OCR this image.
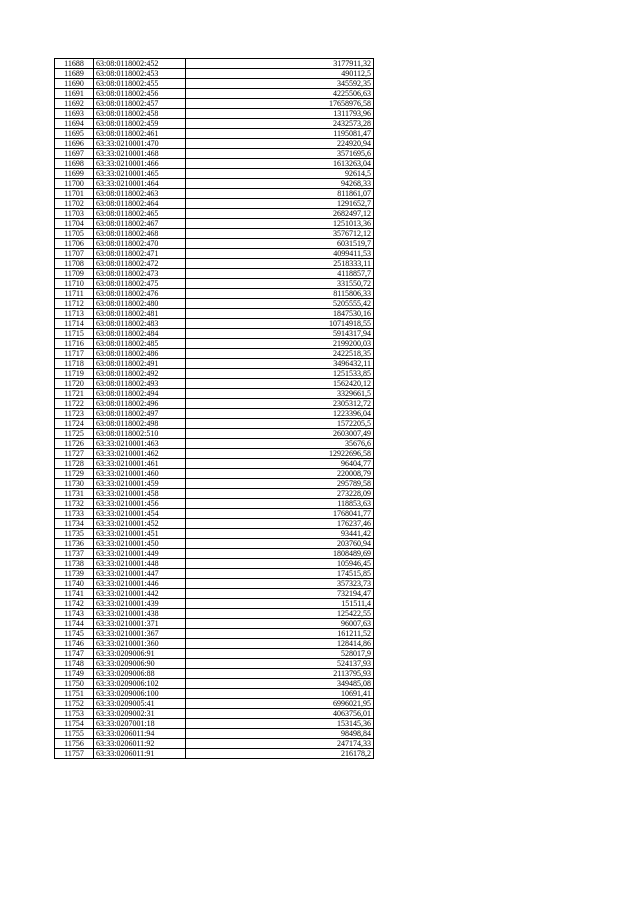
11688	63:08:0118002:452	3177911,32
11689	63:08:0118002:453	490112,5
11690	63:08:0118002:455	345592,35
11691	63:08:0118002:456	4225506,63
11692	63:08:0118002:457	17658976,58
11693	63:08:0118002:458	1311793,96
11694	63:08:0118002:459	2432573,28
11695	63:08:0118002:461	1195081,47
11696	63:33:0210001:470	224920,94
11697	63:33:0210001:468	3571695,6
11698	63:33:0210001:466	1613263,04
11699	63:33:0210001:465	92614,5
11700	63:33:0210001:464	94268,33
11701	63:08:0118002:463	811861,07
11702	63:08:0118002:464	1291652,7
11703	63:08:0118002:465	2682497,12
11704	63:08:0118002:467	1251013,36
11705	63:08:0118002:468	3576712,12
11706	63:08:0118002:470	6031519,7
11707	63:08:0118002:471	4099411,53
11708	63:08:0118002:472	2518333,11
11709	63:08:0118002:473	4118857,7
11710	63:08:0118002:475	331550,72
11711	63:08:0118002:476	8115806,33
11712	63:08:0118002:480	5205555,42
11713	63:08:0118002:481	1847530,16
11714	63:08:0118002:483	10714918,55
11715	63:08:0118002:484	5914317,94
11716	63:08:0118002:485	2199200,03
11717	63:08:0118002:486	2422518,35
11718	63:08:0118002:491	3496432,11
11719	63:08:0118002:492	1251533,85
11720	63:08:0118002:493	1562420,12
11721	63:08:0118002:494	3329661,5
11722	63:08:0118002:496	2305312,72
11723	63:08:0118002:497	1223396,04
11724	63:08:0118002:498	1572205,5
11725	63:08:0118002:510	2603007,49
11726	63:33:0210001:463	35676,6
11727	63:33:0210001:462	12922696,58
11728	63:33:0210001:461	96404,77
11729	63:33:0210001:460	220008,79
11730	63:33:0210001:459	295789,58
11731	63:33:0210001:458	273228,09
11732	63:33:0210001:456	118853,63
11733	63:33:0210001:454	1768041,77
11734	63:33:0210001:452	176237,46
11735	63:33:0210001:451	93441,42
11736	63:33:0210001:450	203760,94
11737	63:33:0210001:449	1808489,69
11738	63:33:0210001:448	105946,45
11739	63:33:0210001:447	174515,85
11740	63:33:0210001:446	357323,73
11741	63:33:0210001:442	732194,47
11742	63:33:0210001:439	151511,4
11743	63:33:0210001:438	125422,55
11744	63:33:0210001:371	96007,63
11745	63:33:0210001:367	161211,52
11746	63:33:0210001:360	128414,86
11747	63:33:0209006:91	528017,9
11748	63:33:0209006:90	524137,93
11749	63:33:0209006:88	2113795,93
11750	63:33:0209006:102	349485,08
11751	63:33:0209006:100	10691,41
11752	63:33:0209005:41	6996021,95
11753	63:33:0209002:31	4063756,01
11754	63:33:0207001:18	153145,36
11755	63:33:0206011:94	98498,84
11756	63:33:0206011:92	247174,33
11757	63:33:0206011:91	216178,2
